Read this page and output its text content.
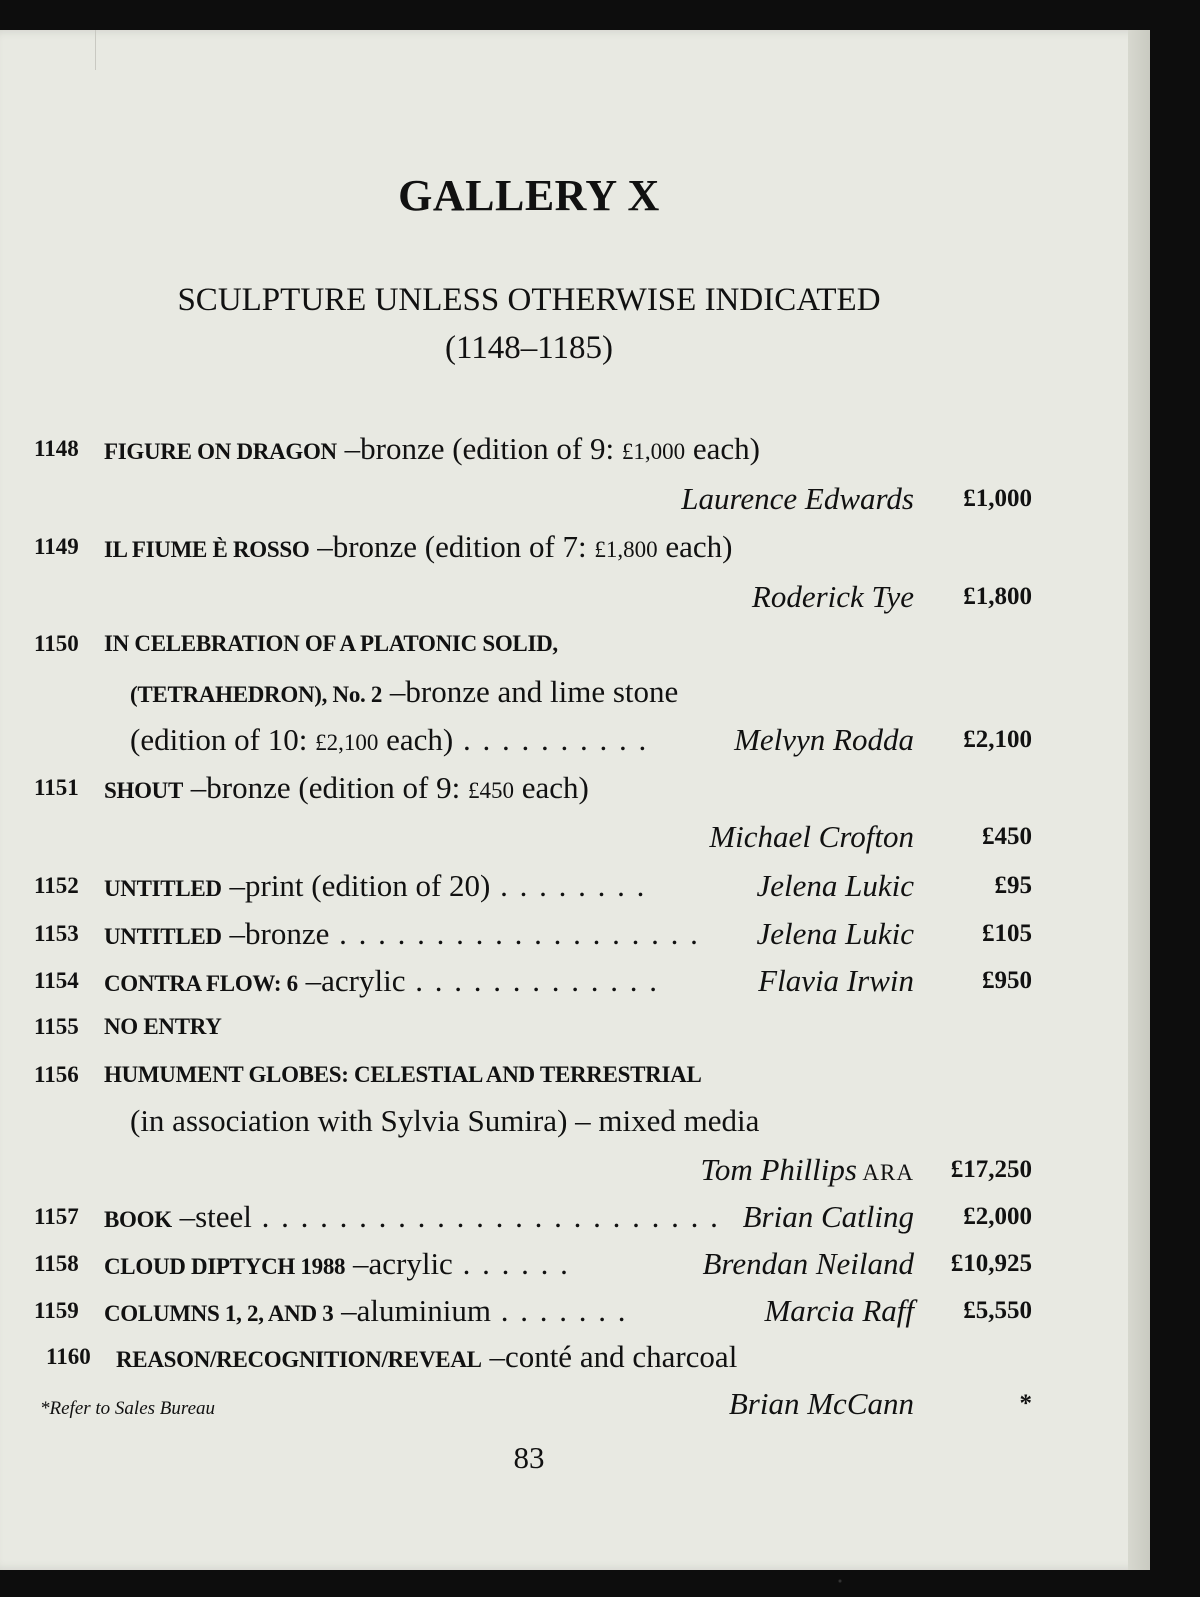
GALLERY X
SCULPTURE UNLESS OTHERWISE INDICATED
(1148–1185)
1148 FIGURE ON DRAGON –bronze (edition of 9: £1,000 each)
Laurence Edwards £1,000
1149 IL FIUME È ROSSO –bronze (edition of 7: £1,800 each)
Roderick Tye £1,800
1150 IN CELEBRATION OF A PLATONIC SOLID,
(TETRAHEDRON), No. 2 –bronze and lime stone
(edition of 10: £2,100 each) . . . . . . . . . .	Melvyn Rodda £2,100
1151 SHOUT –bronze (edition of 9: £450 each)
Michael Crofton	£450
1152 UNTITLED –print (edition of 20) . . . . . . . .	Jelena Lukic	£95
1153 UNTITLED –bronze . . . . . . . . . . . . . . . . . . . Jelena Lukic	£105
1154 CONTRA FLOW: 6 –acrylic . . . . . . . . . . . . .	Flavia Irwin	£950
1155 NO ENTRY
1156 HUMUMENT GLOBES: CELESTIAL AND TERRESTRIAL
(in association with Sylvia Sumira) – mixed media
Tom Phillips ARA £17,250
1157 BOOK –steel . . . . . . . . . . . . . . . . . . . . . . . . Brian Catling £2,000
1158 CLOUD DIPTYCH 1988 –acrylic . . . . . .	Brendan Neiland £10,925
1159 COLUMNS 1, 2, AND 3 –aluminium . . . . . . .	Marcia Raff £5,550
1160 REASON/RECOGNITION/REVEAL –conté and charcoal
Brian McCann	*
*Refer to Sales Bureau
83
